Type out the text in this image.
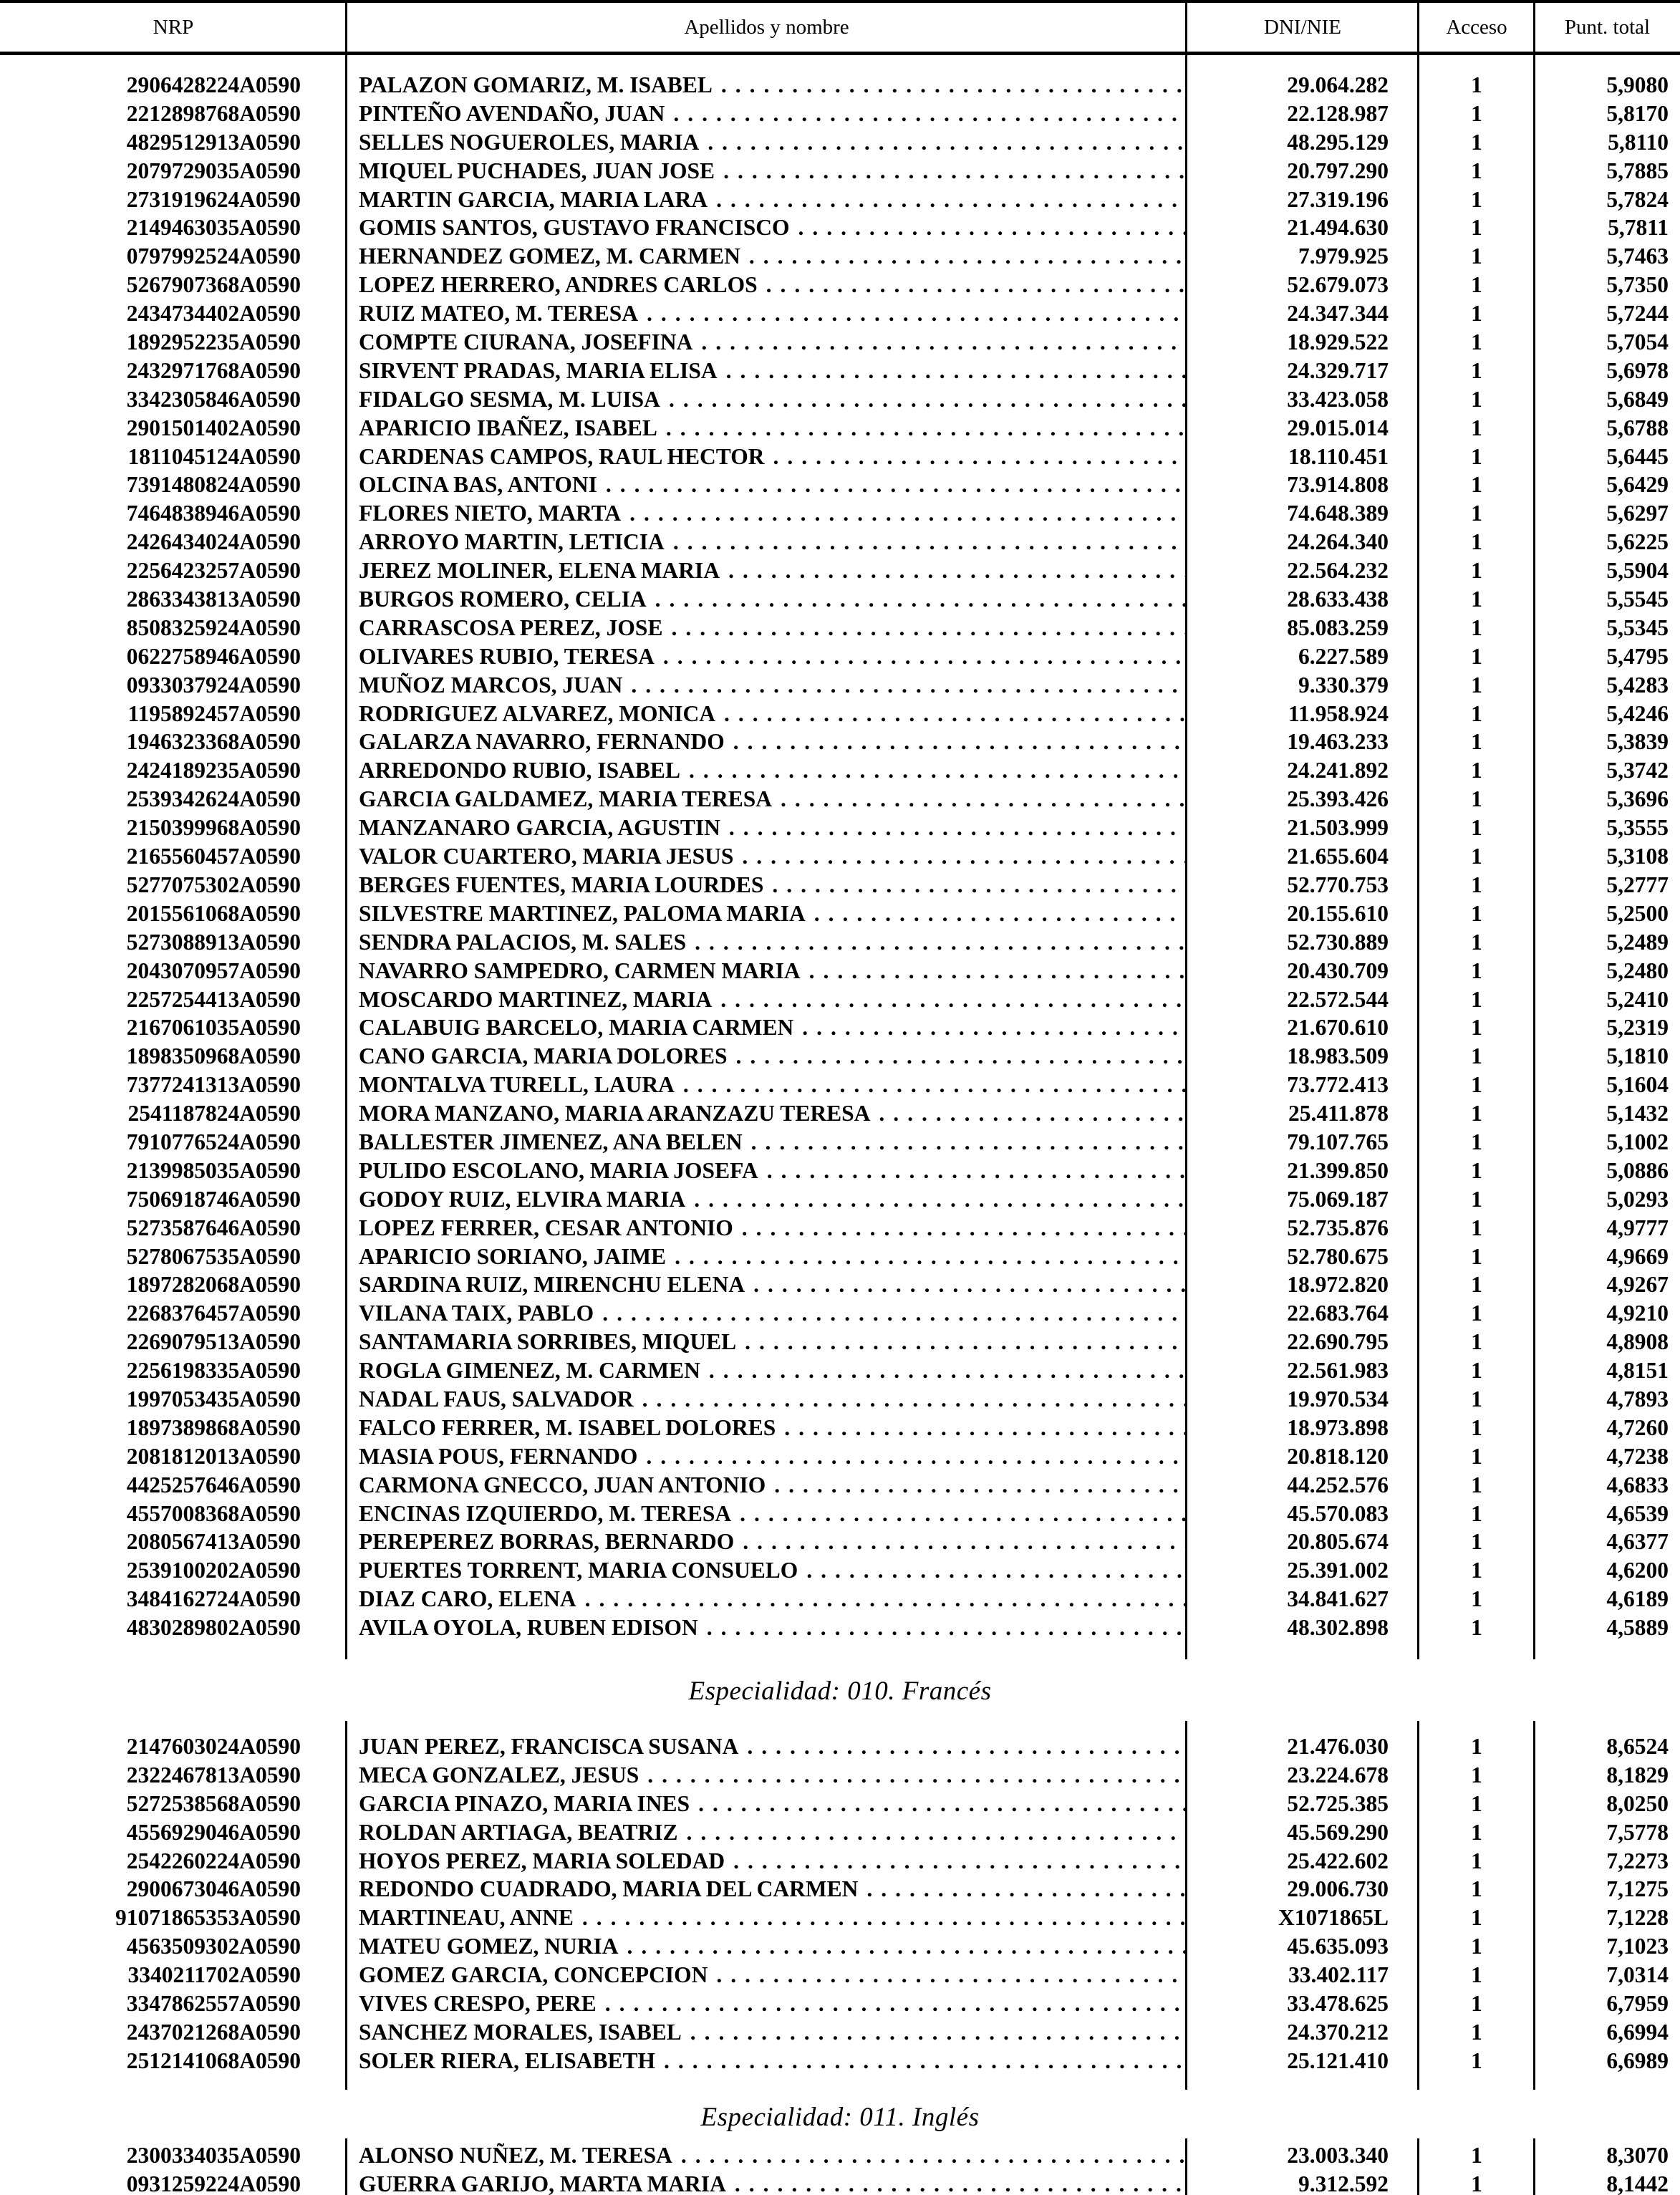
NRP	Apellidos y nombre	DNI/NIE	Acceso	Punt. total
2906428224A0590	PALAZON GOMARIZ, M. ISABEL .....	29.064.282	1	5,9080
2212898768A0590	PINTEÑO AVENDAÑO, JUAN .....	22.128.987	1	5,8170
4829512913A0590	SELLES NOGUEROLES, MARIA .....	48.295.129	1	5,8110
2079729035A0590	MIQUEL PUCHADES, JUAN JOSE .....	20.797.290	1	5,7885
2731919624A0590	MARTIN GARCIA, MARIA LARA .....	27.319.196	1	5,7824
2149463035A0590	GOMIS SANTOS, GUSTAVO FRANCISCO .....	21.494.630	1	5,7811
0797992524A0590	HERNANDEZ GOMEZ, M. CARMEN .....	7.979.925	1	5,7463
5267907368A0590	LOPEZ HERRERO, ANDRES CARLOS .....	52.679.073	1	5,7350
2434734402A0590	RUIZ MATEO, M. TERESA .....	24.347.344	1	5,7244
1892952235A0590	COMPTE CIURANA, JOSEFINA .....	18.929.522	1	5,7054
2432971768A0590	SIRVENT PRADAS, MARIA ELISA .....	24.329.717	1	5,6978
3342305846A0590	FIDALGO SESMA, M. LUISA .....	33.423.058	1	5,6849
2901501402A0590	APARICIO IBAÑEZ, ISABEL .....	29.015.014	1	5,6788
1811045124A0590	CARDENAS CAMPOS, RAUL HECTOR .....	18.110.451	1	5,6445
7391480824A0590	OLCINA BAS, ANTONI .....	73.914.808	1	5,6429
7464838946A0590	FLORES NIETO, MARTA .....	74.648.389	1	5,6297
2426434024A0590	ARROYO MARTIN, LETICIA .....	24.264.340	1	5,6225
2256423257A0590	JEREZ MOLINER, ELENA MARIA .....	22.564.232	1	5,5904
2863343813A0590	BURGOS ROMERO, CELIA .....	28.633.438	1	5,5545
8508325924A0590	CARRASCOSA PEREZ, JOSE .....	85.083.259	1	5,5345
0622758946A0590	OLIVARES RUBIO, TERESA .....	6.227.589	1	5,4795
0933037924A0590	MUÑOZ MARCOS, JUAN .....	9.330.379	1	5,4283
1195892457A0590	RODRIGUEZ ALVAREZ, MONICA .....	11.958.924	1	5,4246
1946323368A0590	GALARZA NAVARRO, FERNANDO .....	19.463.233	1	5,3839
2424189235A0590	ARREDONDO RUBIO, ISABEL .....	24.241.892	1	5,3742
2539342624A0590	GARCIA GALDAMEZ, MARIA TERESA .....	25.393.426	1	5,3696
2150399968A0590	MANZANARO GARCIA, AGUSTIN .....	21.503.999	1	5,3555
2165560457A0590	VALOR CUARTERO, MARIA JESUS .....	21.655.604	1	5,3108
5277075302A0590	BERGES FUENTES, MARIA LOURDES .....	52.770.753	1	5,2777
2015561068A0590	SILVESTRE MARTINEZ, PALOMA MARIA .....	20.155.610	1	5,2500
5273088913A0590	SENDRA PALACIOS, M. SALES .....	52.730.889	1	5,2489
2043070957A0590	NAVARRO SAMPEDRO, CARMEN MARIA .....	20.430.709	1	5,2480
2257254413A0590	MOSCARDO MARTINEZ, MARIA .....	22.572.544	1	5,2410
2167061035A0590	CALABUIG BARCELO, MARIA CARMEN .....	21.670.610	1	5,2319
1898350968A0590	CANO GARCIA, MARIA DOLORES .....	18.983.509	1	5,1810
7377241313A0590	MONTALVA TURELL, LAURA .....	73.772.413	1	5,1604
2541187824A0590	MORA MANZANO, MARIA ARANZAZU TERESA .....	25.411.878	1	5,1432
7910776524A0590	BALLESTER JIMENEZ, ANA BELEN .....	79.107.765	1	5,1002
2139985035A0590	PULIDO ESCOLANO, MARIA JOSEFA .....	21.399.850	1	5,0886
7506918746A0590	GODOY RUIZ, ELVIRA MARIA .....	75.069.187	1	5,0293
5273587646A0590	LOPEZ FERRER, CESAR ANTONIO .....	52.735.876	1	4,9777
5278067535A0590	APARICIO SORIANO, JAIME .....	52.780.675	1	4,9669
1897282068A0590	SARDINA RUIZ, MIRENCHU ELENA .....	18.972.820	1	4,9267
2268376457A0590	VILANA TAIX, PABLO .....	22.683.764	1	4,9210
2269079513A0590	SANTAMARIA SORRIBES, MIQUEL .....	22.690.795	1	4,8908
2256198335A0590	ROGLA GIMENEZ, M. CARMEN .....	22.561.983	1	4,8151
1997053435A0590	NADAL FAUS, SALVADOR .....	19.970.534	1	4,7893
1897389868A0590	FALCO FERRER, M. ISABEL DOLORES .....	18.973.898	1	4,7260
2081812013A0590	MASIA POUS, FERNANDO .....	20.818.120	1	4,7238
4425257646A0590	CARMONA GNECCO, JUAN ANTONIO .....	44.252.576	1	4,6833
4557008368A0590	ENCINAS IZQUIERDO, M. TERESA .....	45.570.083	1	4,6539
2080567413A0590	PEREPEREZ BORRAS, BERNARDO .....	20.805.674	1	4,6377
2539100202A0590	PUERTES TORRENT, MARIA CONSUELO .....	25.391.002	1	4,6200
3484162724A0590	DIAZ CARO, ELENA .....	34.841.627	1	4,6189
4830289802A0590	AVILA OYOLA, RUBEN EDISON .....	48.302.898	1	4,5889
Especialidad: 010. Francés
2147603024A0590	JUAN PEREZ, FRANCISCA SUSANA .....	21.476.030	1	8,6524
2322467813A0590	MECA GONZALEZ, JESUS .....	23.224.678	1	8,1829
5272538568A0590	GARCIA PINAZO, MARIA INES .....	52.725.385	1	8,0250
4556929046A0590	ROLDAN ARTIAGA, BEATRIZ .....	45.569.290	1	7,5778
2542260224A0590	HOYOS PEREZ, MARIA SOLEDAD .....	25.422.602	1	7,2273
2900673046A0590	REDONDO CUADRADO, MARIA DEL CARMEN .....	29.006.730	1	7,1275
91071865353A0590	MARTINEAU, ANNE .....	X1071865L	1	7,1228
4563509302A0590	MATEU GOMEZ, NURIA .....	45.635.093	1	7,1023
3340211702A0590	GOMEZ GARCIA, CONCEPCION .....	33.402.117	1	7,0314
3347862557A0590	VIVES CRESPO, PERE .....	33.478.625	1	6,7959
2437021268A0590	SANCHEZ MORALES, ISABEL .....	24.370.212	1	6,6994
2512141068A0590	SOLER RIERA, ELISABETH .....	25.121.410	1	6,6989
Especialidad: 011. Inglés
2300334035A0590	ALONSO NUÑEZ, M. TERESA .....	23.003.340	1	8,3070
0931259224A0590	GUERRA GARIJO, MARTA MARIA .....	9.312.592	1	8,1442
